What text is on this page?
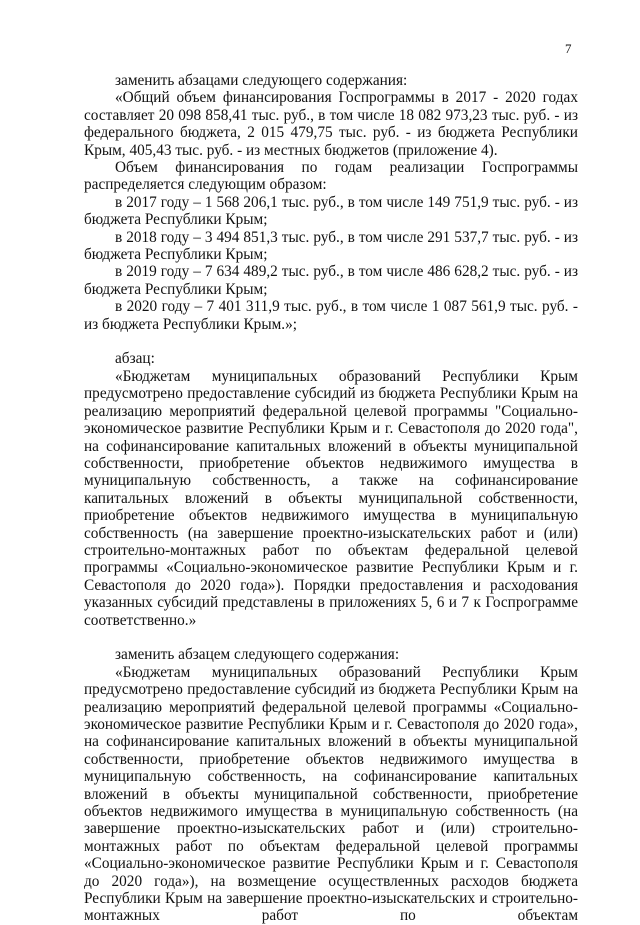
7

заменить абзацами следующего содержания:

«Общий объем финансирования Госпрограммы в 2017 - 2020 годах составляет 20 098 858,41 тыс. руб., в том числе 18 082 973,23 тыс. руб. - из федерального бюджета, 2 015 479,75 тыс. руб. - из бюджета Республики Крым, 405,43 тыс. руб. - из местных бюджетов (приложение 4).

Объем финансирования по годам реализации Госпрограммы распределяется следующим образом:

в 2017 году – 1 568 206,1 тыс. руб., в том числе 149 751,9 тыс. руб. - из бюджета Республики Крым;

в 2018 году – 3 494 851,3 тыс. руб., в том числе 291 537,7 тыс. руб. - из бюджета Республики Крым;

в 2019 году – 7 634 489,2 тыс. руб., в том числе 486 628,2 тыс. руб. - из бюджета Республики Крым;

в 2020 году – 7 401 311,9 тыс. руб., в том числе 1 087 561,9 тыс. руб. - из бюджета Республики Крым.»;

абзац:

«Бюджетам муниципальных образований Республики Крым предусмотрено предоставление субсидий из бюджета Республики Крым на реализацию мероприятий федеральной целевой программы "Социально-экономическое развитие Республики Крым и г. Севастополя до 2020 года", на софинансирование капитальных вложений в объекты муниципальной собственности, приобретение объектов недвижимого имущества в муниципальную собственность, а также на софинансирование капитальных вложений в объекты муниципальной собственности, приобретение объектов недвижимого имущества в муниципальную собственность (на завершение проектно-изыскательских работ и (или) строительно-монтажных работ по объектам федеральной целевой программы «Социально-экономическое развитие Республики Крым и г. Севастополя до 2020 года»). Порядки предоставления и расходования указанных субсидий представлены в приложениях 5, 6 и 7 к Госпрограмме соответственно.»

заменить абзацем следующего содержания:

«Бюджетам муниципальных образований Республики Крым предусмотрено предоставление субсидий из бюджета Республики Крым на реализацию мероприятий федеральной целевой программы «Социально-экономическое развитие Республики Крым и г. Севастополя до 2020 года», на софинансирование капитальных вложений в объекты муниципальной собственности, приобретение объектов недвижимого имущества в муниципальную собственность, на софинансирование капитальных вложений в объекты муниципальной собственности, приобретение объектов недвижимого имущества в муниципальную собственность (на завершение проектно-изыскательских работ и (или) строительно-монтажных работ по объектам федеральной целевой программы «Социально-экономическое развитие Республики Крым и г. Севастополя до 2020 года»), на возмещение осуществленных расходов бюджета Республики Крым на завершение проектно-изыскательских и строительно-монтажных работ по объектам
